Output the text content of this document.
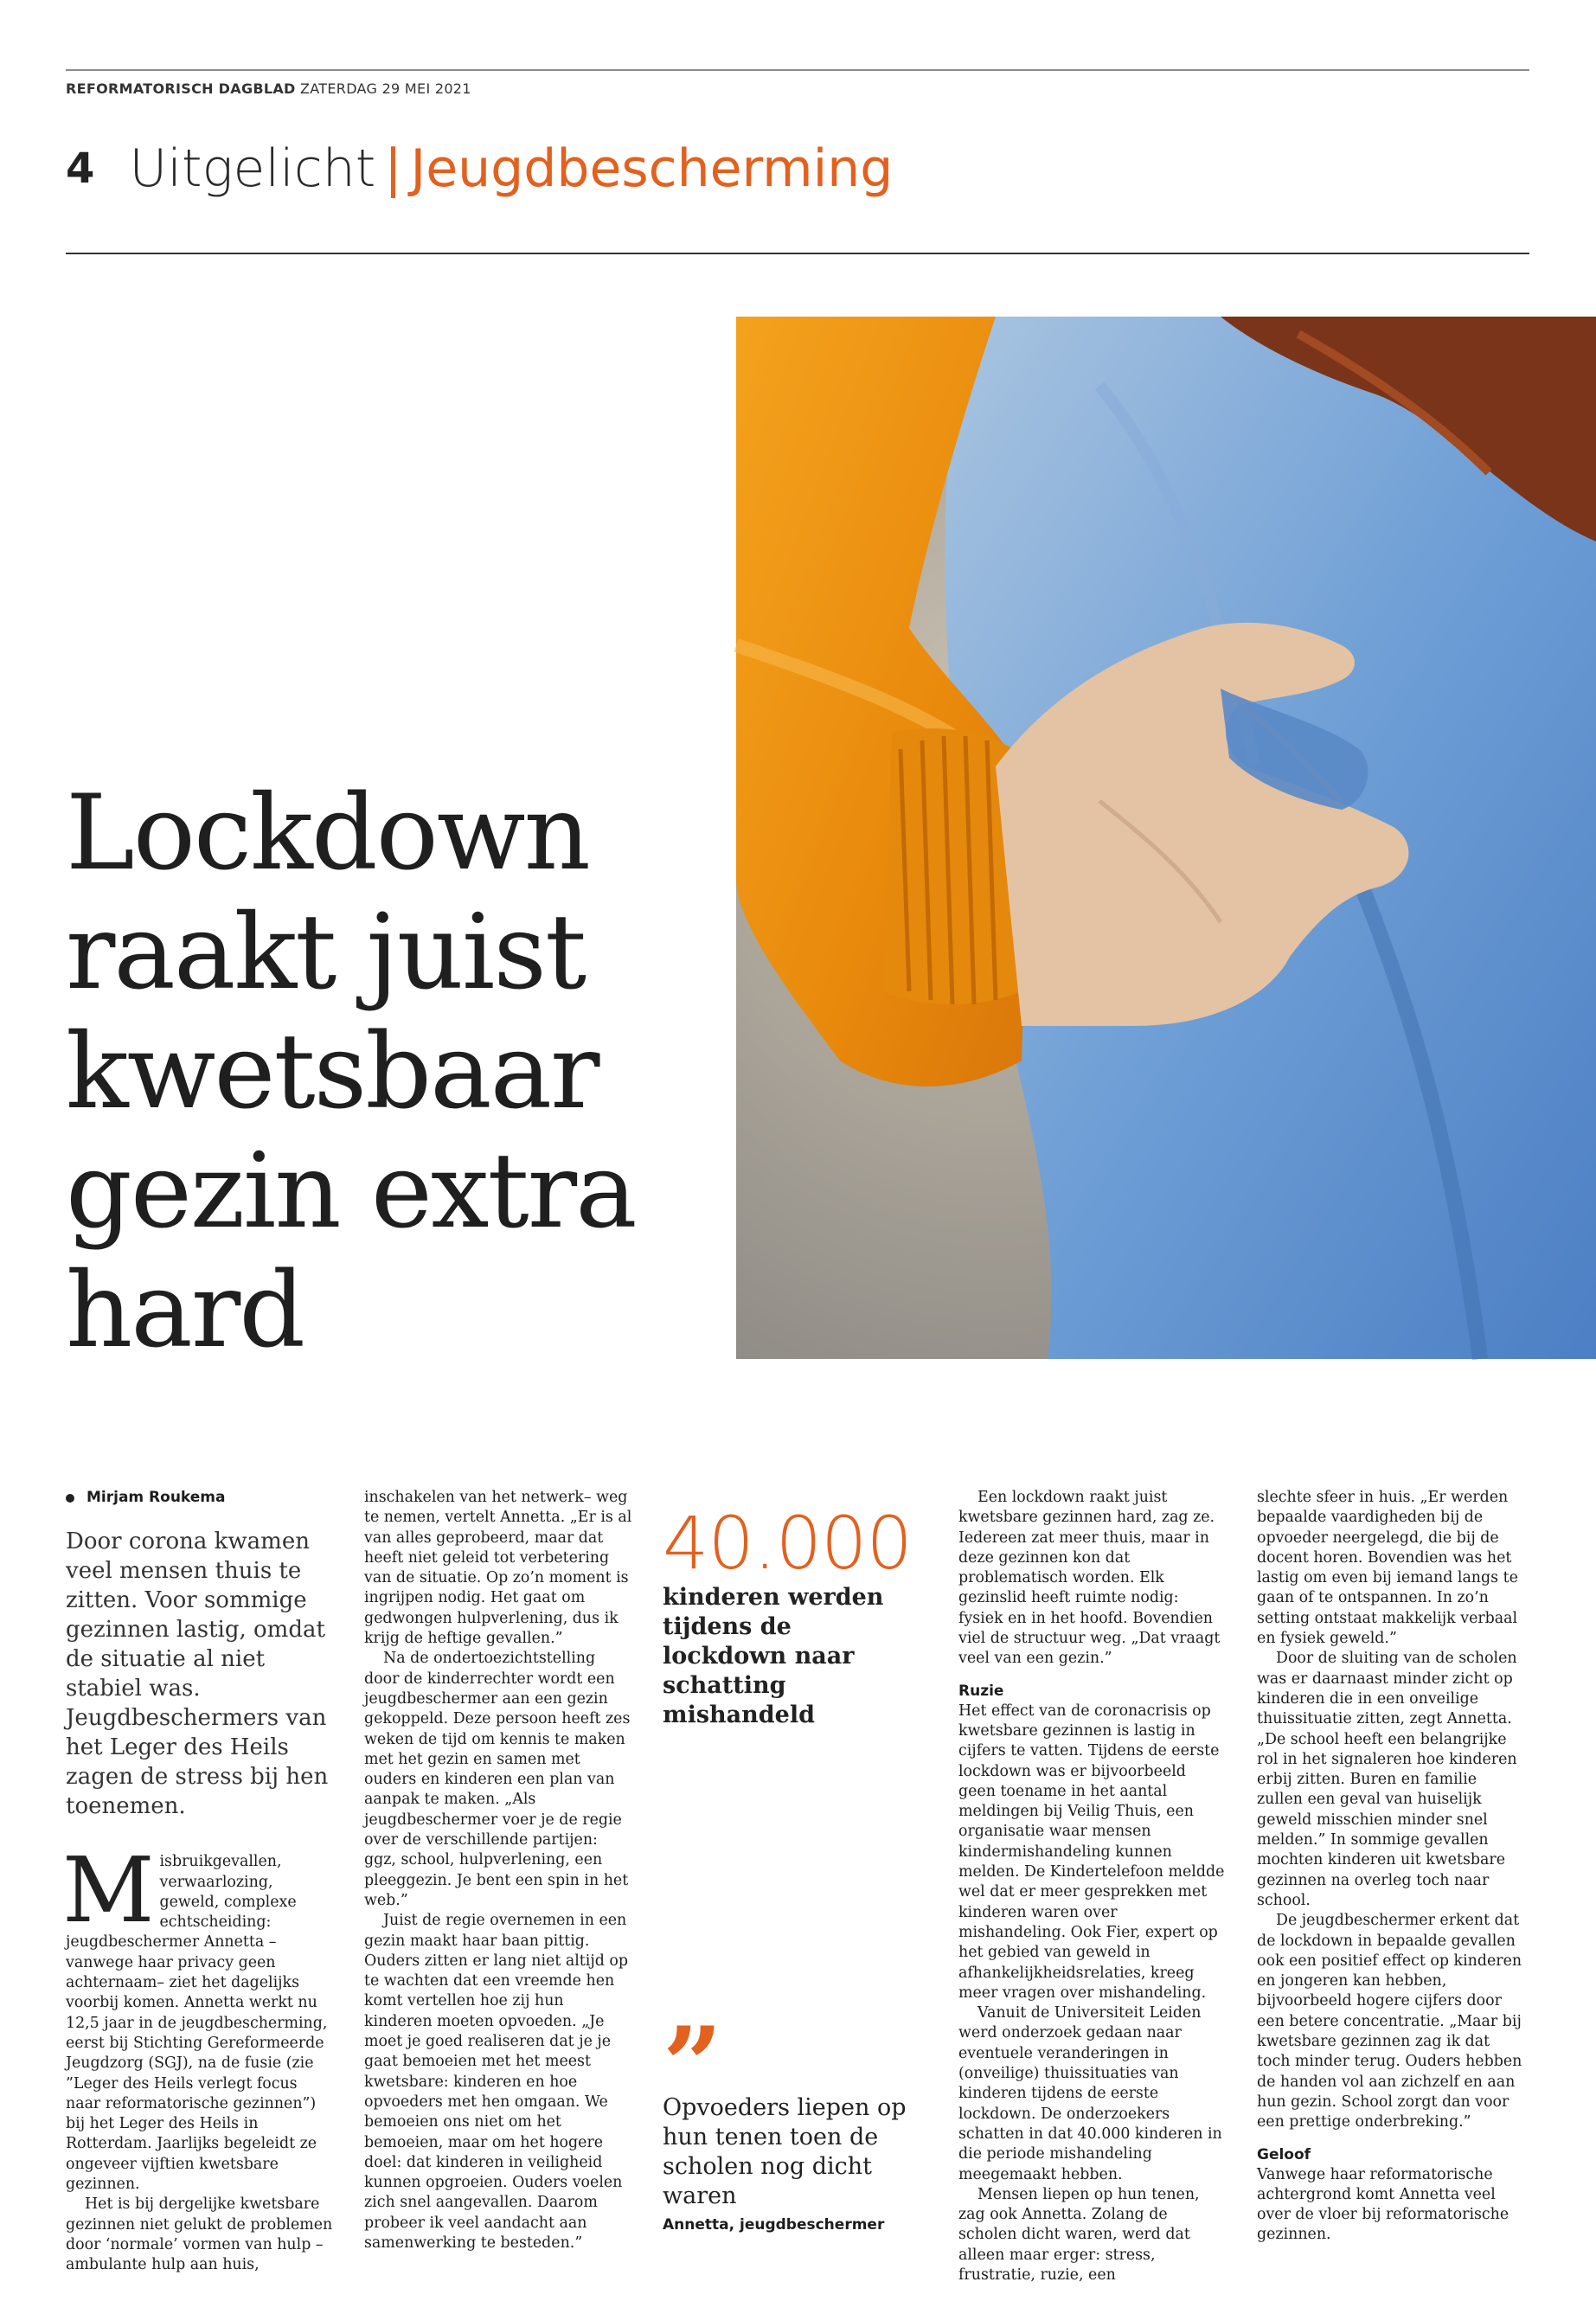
REFORMATORISCH DAGBLAD ZATERDAG 29 MEI 2021
4 Uitgelicht | Jeugdbescherming
Lockdown raakt juist kwetsbaar gezin extra hard
Mirjam Roukema
Door corona kwamen veel mensen thuis te zitten. Voor sommige gezinnen lastig, omdat de situatie al niet stabiel was. Jeugdbeschermers van het Leger des Heils zagen de stress bij hen toenemen.

Misbruikgevallen, verwaarlozing, geweld, complexe echtscheiding: jeugdbeschermer Annetta –vanwege haar privacy geen achternaam– ziet het dagelijks voorbij komen. Annetta werkt nu 12,5 jaar in de jeugdbescherming, eerst bij Stichting Gereformeerde Jeugdzorg (SGJ), na de fusie (zie ”Leger des Heils verlegt focus naar reformatorische gezinnen”) bij het Leger des Heils in Rotterdam. Jaarlijks begeleidt ze ongeveer vijftien kwetsbare gezinnen.

Het is bij dergelijke kwetsbare gezinnen niet gelukt de problemen door ‘normale’ vormen van hulp –ambulante hulp aan huis,

inschakelen van het netwerk– weg te nemen, vertelt Annetta. „Er is al van alles geprobeerd, maar dat heeft niet geleid tot verbetering van de situatie. Op zo’n moment is ingrijpen nodig. Het gaat om gedwongen hulpverlening, dus ik krijg de heftige gevallen.”

Na de ondertoezichtstelling door de kinderrechter wordt een jeugdbeschermer aan een gezin gekoppeld. Deze persoon heeft zes weken de tijd om kennis te maken met het gezin en samen met ouders en kinderen een plan van aanpak te maken. „Als jeugdbeschermer voer je de regie over de verschillende partijen: ggz, school, hulpverlening, een pleeggezin. Je bent een spin in het web.”

Juist de regie overnemen in een gezin maakt haar baan pittig. Ouders zitten er lang niet altijd op te wachten dat een vreemde hen komt vertellen hoe zij hun kinderen moeten opvoeden. „Je moet je goed realiseren dat je je gaat bemoeien met het meest kwetsbare: kinderen en hoe opvoeders met hen omgaan. We bemoeien ons niet om het bemoeien, maar om het hogere doel: dat kinderen in veiligheid kunnen opgroeien. Ouders voelen zich snel aangevallen. Daarom probeer ik veel aandacht aan samenwerking te besteden.”

40.000
kinderen werden tijdens de lockdown naar schatting mishandeld
”
Opvoeders liepen op hun tenen toen de scholen nog dicht waren
Annetta, jeugdbeschermer

Een lockdown raakt juist kwetsbare gezinnen hard, zag ze. Iedereen zat meer thuis, maar in deze gezinnen kon dat problematisch worden. Elk gezinslid heeft ruimte nodig: fysiek en in het hoofd. Bovendien viel de structuur weg. „Dat vraagt veel van een gezin.”

Ruzie

Het effect van de coronacrisis op kwetsbare gezinnen is lastig in cijfers te vatten. Tijdens de eerste lockdown was er bijvoorbeeld geen toename in het aantal meldingen bij Veilig Thuis, een organisatie waar mensen kindermishandeling kunnen melden. De Kindertelefoon meldde wel dat er meer gesprekken met kinderen waren over mishandeling. Ook Fier, expert op het gebied van geweld in afhankelijkheidsrelaties, kreeg meer vragen over mishandeling.

Vanuit de Universiteit Leiden werd onderzoek gedaan naar eventuele veranderingen in (onveilige) thuissituaties van kinderen tijdens de eerste lockdown. De onderzoekers schatten in dat 40.000 kinderen in die periode mishandeling meegemaakt hebben.

Mensen liepen op hun tenen, zag ook Annetta. Zolang de scholen dicht waren, werd dat alleen maar erger: stress, frustratie, ruzie, een

slechte sfeer in huis. „Er werden bepaalde vaardigheden bij de opvoeder neergelegd, die bij de docent horen. Bovendien was het lastig om even bij iemand langs te gaan of te ontspannen. In zo’n setting ontstaat makkelijk verbaal en fysiek geweld.”

Door de sluiting van de scholen was er daarnaast minder zicht op kinderen die in een onveilige thuissituatie zitten, zegt Annetta. „De school heeft een belangrijke rol in het signaleren hoe kinderen erbij zitten. Buren en familie zullen een geval van huiselijk geweld misschien minder snel melden.” In sommige gevallen mochten kinderen uit kwetsbare gezinnen na overleg toch naar school.

De jeugdbeschermer erkent dat de lockdown in bepaalde gevallen ook een positief effect op kinderen en jongeren kan hebben, bijvoorbeeld hogere cijfers door een betere concentratie. „Maar bij kwetsbare gezinnen zag ik dat toch minder terug. Ouders hebben de handen vol aan zichzelf en aan hun gezin. School zorgt dan voor een prettige onderbreking.”

Geloof

Vanwege haar reformatorische achtergrond komt Annetta veel over de vloer bij reformatorische gezinnen.
